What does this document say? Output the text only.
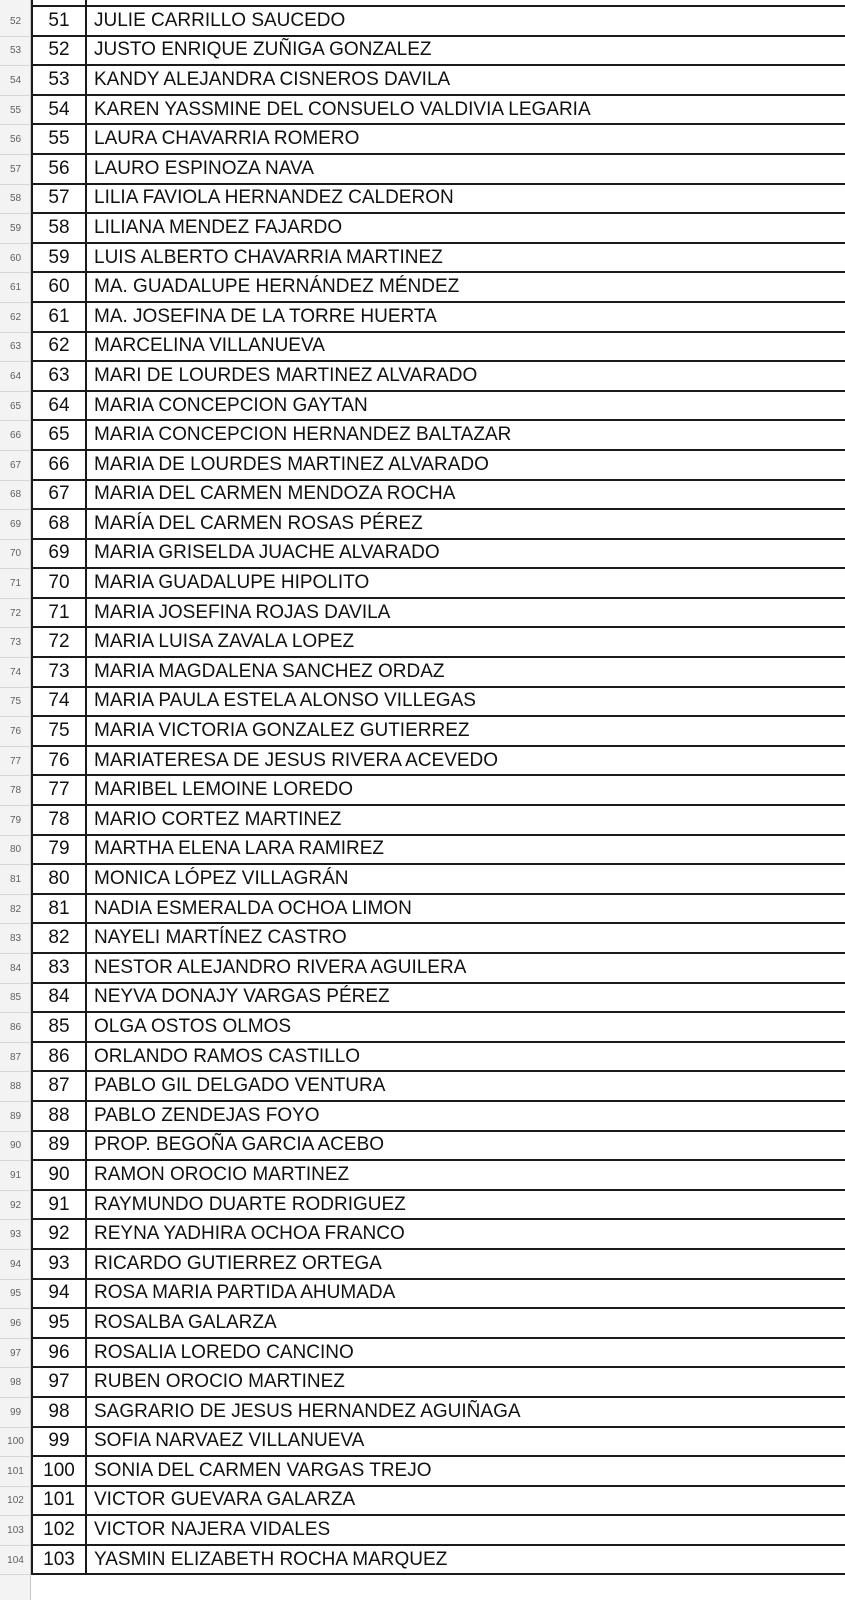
52	51	JULIE CARRILLO SAUCEDO
53	52	JUSTO ENRIQUE ZUÑIGA GONZALEZ
54	53	KANDY ALEJANDRA CISNEROS DAVILA
55	54	KAREN YASSMINE DEL CONSUELO VALDIVIA LEGARIA
56	55	LAURA CHAVARRIA ROMERO
57	56	LAURO ESPINOZA NAVA
58	57	LILIA FAVIOLA HERNANDEZ CALDERON
59	58	LILIANA MENDEZ FAJARDO
60	59	LUIS ALBERTO CHAVARRIA MARTINEZ
61	60	MA. GUADALUPE HERNÁNDEZ MÉNDEZ
62	61	MA. JOSEFINA DE LA TORRE HUERTA
63	62	MARCELINA VILLANUEVA
64	63	MARI DE LOURDES MARTINEZ ALVARADO
65	64	MARIA CONCEPCION GAYTAN
66	65	MARIA CONCEPCION HERNANDEZ BALTAZAR
67	66	MARIA DE LOURDES MARTINEZ ALVARADO
68	67	MARIA DEL CARMEN MENDOZA ROCHA
69	68	MARÍA DEL CARMEN ROSAS PÉREZ
70	69	MARIA GRISELDA JUACHE ALVARADO
71	70	MARIA GUADALUPE HIPOLITO
72	71	MARIA JOSEFINA ROJAS DAVILA
73	72	MARIA LUISA ZAVALA LOPEZ
74	73	MARIA MAGDALENA SANCHEZ ORDAZ
75	74	MARIA PAULA ESTELA ALONSO VILLEGAS
76	75	MARIA VICTORIA GONZALEZ GUTIERREZ
77	76	MARIATERESA DE JESUS RIVERA ACEVEDO
78	77	MARIBEL LEMOINE LOREDO
79	78	MARIO CORTEZ MARTINEZ
80	79	MARTHA ELENA LARA RAMIREZ
81	80	MONICA LÓPEZ VILLAGRÁN
82	81	NADIA ESMERALDA OCHOA LIMON
83	82	NAYELI MARTÍNEZ CASTRO
84	83	NESTOR ALEJANDRO RIVERA AGUILERA
85	84	NEYVA DONAJY VARGAS PÉREZ
86	85	OLGA OSTOS OLMOS
87	86	ORLANDO RAMOS CASTILLO
88	87	PABLO GIL DELGADO VENTURA
89	88	PABLO ZENDEJAS FOYO
90	89	PROP. BEGOÑA GARCIA ACEBO
91	90	RAMON OROCIO MARTINEZ
92	91	RAYMUNDO DUARTE RODRIGUEZ
93	92	REYNA YADHIRA OCHOA FRANCO
94	93	RICARDO GUTIERREZ ORTEGA
95	94	ROSA MARIA PARTIDA AHUMADA
96	95	ROSALBA GALARZA
97	96	ROSALIA LOREDO CANCINO
98	97	RUBEN OROCIO MARTINEZ
99	98	SAGRARIO DE JESUS HERNANDEZ AGUIÑAGA
100	99	SOFIA NARVAEZ VILLANUEVA
101	100	SONIA DEL CARMEN VARGAS TREJO
102	101	VICTOR GUEVARA GALARZA
103	102	VICTOR NAJERA VIDALES
104	103	YASMIN ELIZABETH ROCHA MARQUEZ
